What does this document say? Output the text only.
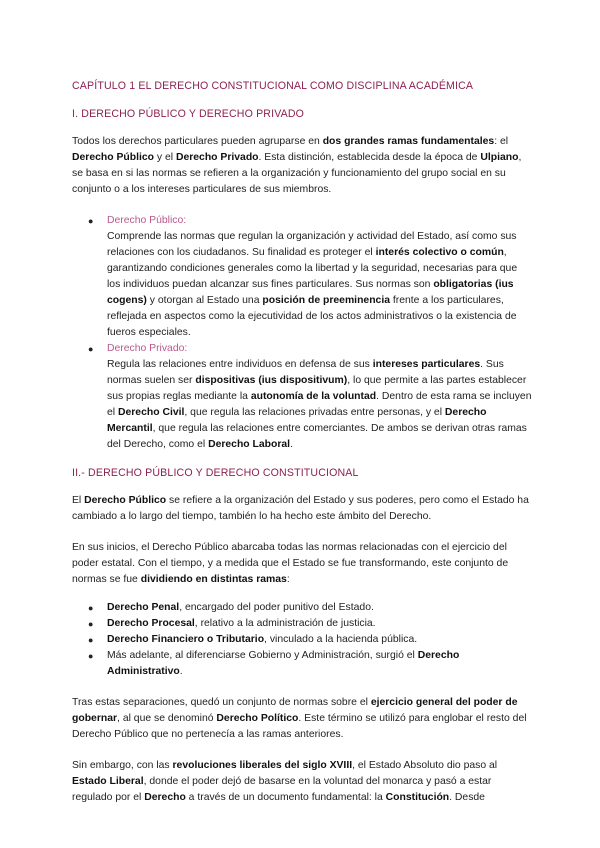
CAPÍTULO 1 EL DERECHO CONSTITUCIONAL COMO DISCIPLINA ACADÉMICA
I. DERECHO PÚBLICO Y DERECHO PRIVADO

Todos los derechos particulares pueden agruparse en dos grandes ramas fundamentales: el Derecho Público y el Derecho Privado. Esta distinción, establecida desde la época de Ulpiano, se basa en si las normas se refieren a la organización y funcionamiento del grupo social en su conjunto o a los intereses particulares de sus miembros.

● Derecho Público:
Comprende las normas que regulan la organización y actividad del Estado, así como sus relaciones con los ciudadanos. Su finalidad es proteger el interés colectivo o común, garantizando condiciones generales como la libertad y la seguridad, necesarias para que los individuos puedan alcanzar sus fines particulares. Sus normas son obligatorias (ius cogens) y otorgan al Estado una posición de preeminencia frente a los particulares, reflejada en aspectos como la ejecutividad de los actos administrativos o la existencia de fueros especiales.
● Derecho Privado:
Regula las relaciones entre individuos en defensa de sus intereses particulares. Sus normas suelen ser dispositivas (ius dispositivum), lo que permite a las partes establecer sus propias reglas mediante la autonomía de la voluntad. Dentro de esta rama se incluyen el Derecho Civil, que regula las relaciones privadas entre personas, y el Derecho Mercantil, que regula las relaciones entre comerciantes. De ambos se derivan otras ramas del Derecho, como el Derecho Laboral.
II.- DERECHO PÚBLICO Y DERECHO CONSTITUCIONAL

El Derecho Público se refiere a la organización del Estado y sus poderes, pero como el Estado ha cambiado a lo largo del tiempo, también lo ha hecho este ámbito del Derecho.

En sus inicios, el Derecho Público abarcaba todas las normas relacionadas con el ejercicio del poder estatal. Con el tiempo, y a medida que el Estado se fue transformando, este conjunto de normas se fue dividiendo en distintas ramas:

● Derecho Penal, encargado del poder punitivo del Estado.
● Derecho Procesal, relativo a la administración de justicia.
● Derecho Financiero o Tributario, vinculado a la hacienda pública.
● Más adelante, al diferenciarse Gobierno y Administración, surgió el Derecho Administrativo.

Tras estas separaciones, quedó un conjunto de normas sobre el ejercicio general del poder de gobernar, al que se denominó Derecho Político. Este término se utilizó para englobar el resto del Derecho Público que no pertenecía a las ramas anteriores.

Sin embargo, con las revoluciones liberales del siglo XVIII, el Estado Absoluto dio paso al Estado Liberal, donde el poder dejó de basarse en la voluntad del monarca y pasó a estar regulado por el Derecho a través de un documento fundamental: la Constitución. Desde
